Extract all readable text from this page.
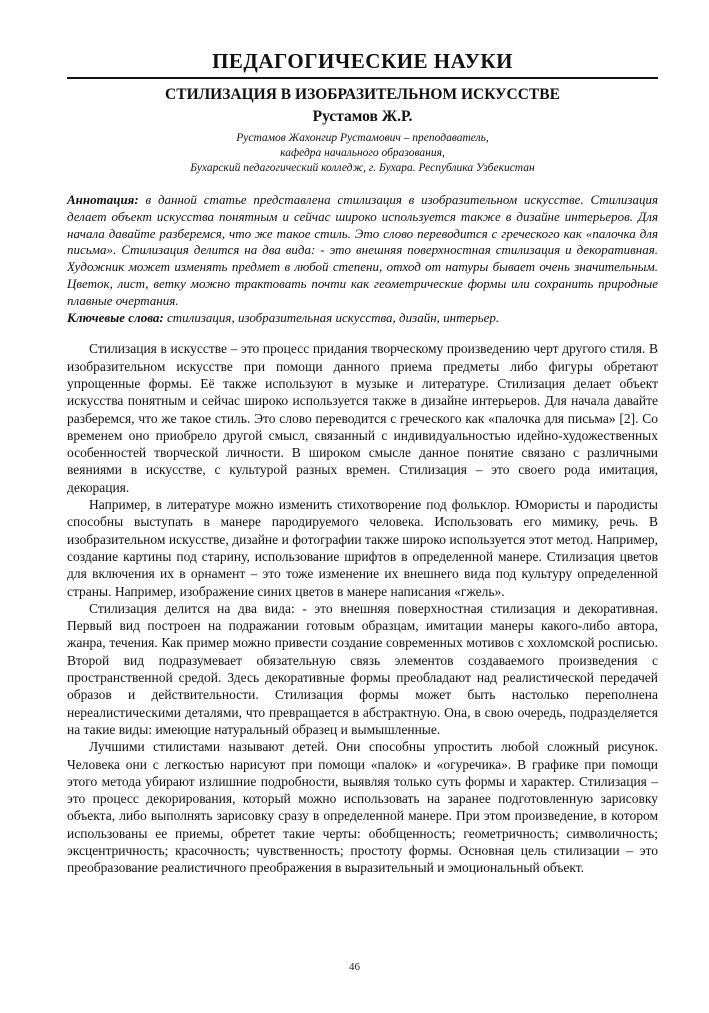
ПЕДАГОГИЧЕСКИЕ НАУКИ
СТИЛИЗАЦИЯ В ИЗОБРАЗИТЕЛЬНОМ ИСКУССТВЕ
Рустамов Ж.Р.
Рустамов Жахонгир Рустамович – преподаватель,
кафедра начального образования,
Бухарский педагогический колледж, г. Бухара. Республика Узбекистан
Аннотация: в данной статье представлена стилизация в изобразительном искусстве. Стилизация делает объект искусства понятным и сейчас широко используется также в дизайне интерьеров. Для начала давайте разберемся, что же такое стиль. Это слово переводится с греческого как «палочка для письма». Стилизация делится на два вида: - это внешняя поверхностная стилизация и декоративная. Художник может изменять предмет в любой степени, отход от натуры бывает очень значительным. Цветок, лист, ветку можно трактовать почти как геометрические формы или сохранить природные плавные очертания.
Ключевые слова: стилизация, изобразительная искусства, дизайн, интерьер.

Стилизация в искусстве – это процесс придания творческому произведению черт другого стиля. В изобразительном искусстве при помощи данного приема предметы либо фигуры обретают упрощенные формы. Её также используют в музыке и литературе. Стилизация делает объект искусства понятным и сейчас широко используется также в дизайне интерьеров. Для начала давайте разберемся, что же такое стиль. Это слово переводится с греческого как «палочка для письма» [2]. Со временем оно приобрело другой смысл, связанный с индивидуальностью идейно-художественных особенностей творческой личности. В широком смысле данное понятие связано с различными веяниями в искусстве, с культурой разных времен. Стилизация – это своего рода имитация, декорация.

Например, в литературе можно изменить стихотворение под фольклор. Юмористы и пародисты способны выступать в манере пародируемого человека. Использовать его мимику, речь. В изобразительном искусстве, дизайне и фотографии также широко используется этот метод. Например, создание картины под старину, использование шрифтов в определенной манере. Стилизация цветов для включения их в орнамент – это тоже изменение их внешнего вида под культуру определенной страны. Например, изображение синих цветов в манере написания «гжель».

Стилизация делится на два вида: - это внешняя поверхностная стилизация и декоративная. Первый вид построен на подражании готовым образцам, имитации манеры какого-либо автора, жанра, течения. Как пример можно привести создание современных мотивов с хохломской росписью. Второй вид подразумевает обязательную связь элементов создаваемого произведения с пространственной средой. Здесь декоративные формы преобладают над реалистической передачей образов и действительности. Стилизация формы может быть настолько переполнена нереалистическими деталями, что превращается в абстрактную. Она, в свою очередь, подразделяется на такие виды: имеющие натуральный образец и вымышленные.

Лучшими стилистами называют детей. Они способны упростить любой сложный рисунок. Человека они с легкостью нарисуют при помощи «палок» и «огуречика». В графике при помощи этого метода убирают излишние подробности, выявляя только суть формы и характер. Стилизация – это процесс декорирования, который можно использовать на заранее подготовленную зарисовку объекта, либо выполнять зарисовку сразу в определенной манере. При этом произведение, в котором использованы ее приемы, обретет такие черты: обобщенность; геометричность; символичность; эксцентричность; красочность; чувственность; простоту формы. Основная цель стилизации – это преобразование реалистичного преображения в выразительный и эмоциональный объект.

46
